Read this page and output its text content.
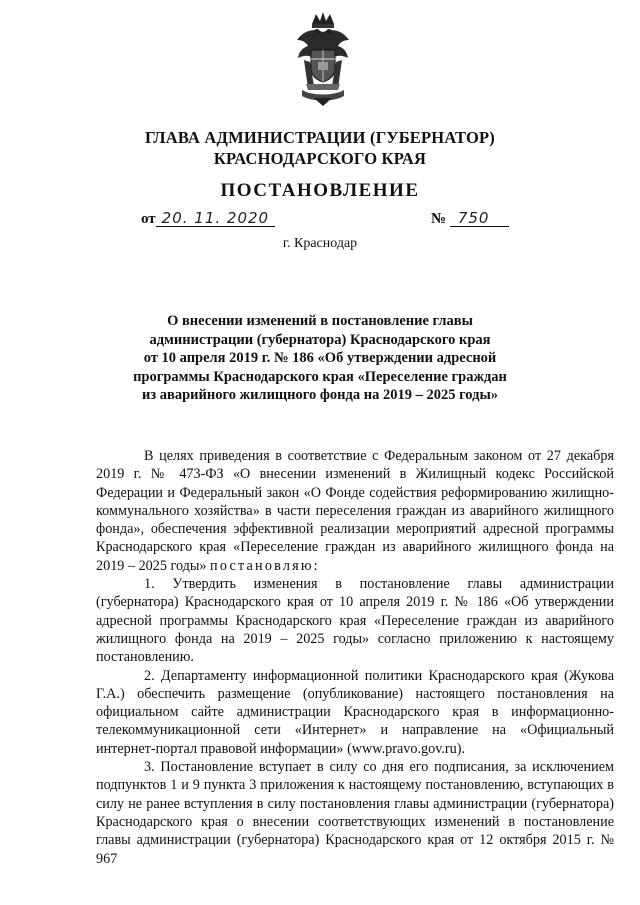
ГЛАВА АДМИНИСТРАЦИИ (ГУБЕРНАТОР)
КРАСНОДАРСКОГО КРАЯ
ПОСТАНОВЛЕНИЕ
от 20. 11. 2020	№ 750
г. Краснодар
О внесении изменений в постановление главы
администрации (губернатора) Краснодарского края
от 10 апреля 2019 г. № 186 «Об утверждении адресной
программы Краснодарского края «Переселение граждан
из аварийного жилищного фонда на 2019 – 2025 годы»

В целях приведения в соответствие с Федеральным законом от 27 декабря 2019 г. № 473-ФЗ «О внесении изменений в Жилищный кодекс Российской Федерации и Федеральный закон «О Фонде содействия реформированию жилищно-коммунального хозяйства» в части переселения граждан из аварийного жилищного фонда», обеспечения эффективной реализации мероприятий адресной программы Краснодарского края «Переселение граждан из аварийного жилищного фонда на 2019 – 2025 годы» постановляю:

1. Утвердить изменения в постановление главы администрации (губернатора) Краснодарского края от 10 апреля 2019 г. № 186 «Об утверждении адресной программы Краснодарского края «Переселение граждан из аварийного жилищного фонда на 2019 – 2025 годы» согласно приложению к настоящему постановлению.

2. Департаменту информационной политики Краснодарского края (Жукова Г.А.) обеспечить размещение (опубликование) настоящего постановления на официальном сайте администрации Краснодарского края в информационно-телекоммуникационной сети «Интернет» и направление на «Официальный интернет-портал правовой информации» (www.pravo.gov.ru).

3. Постановление вступает в силу со дня его подписания, за исключением подпунктов 1 и 9 пункта 3 приложения к настоящему постановлению, вступающих в силу не ранее вступления в силу постановления главы администрации (губернатора) Краснодарского края о внесении соответствующих изменений в постановление главы администрации (губернатора) Краснодарского края от 12 октября 2015 г. № 967
